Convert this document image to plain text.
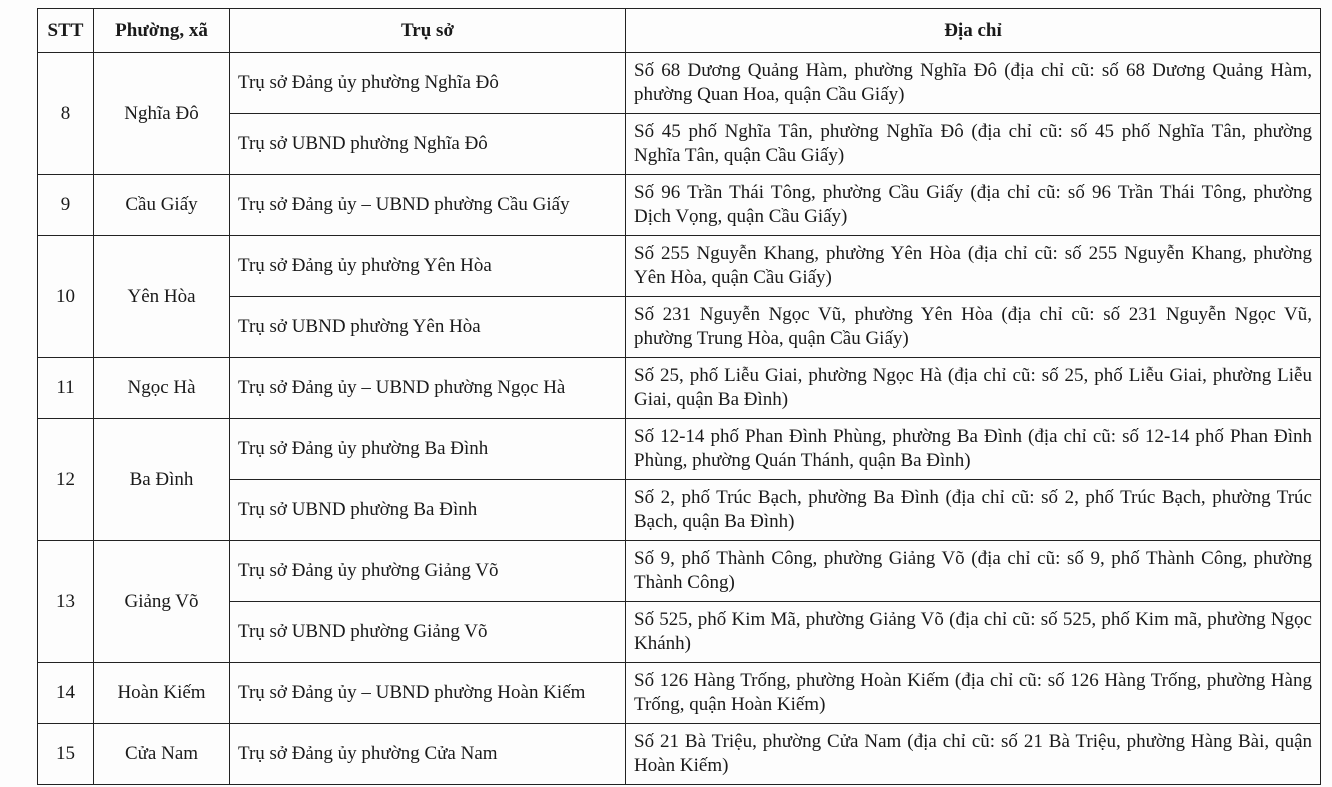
STT	Phường, xã	Trụ sở	Địa chỉ
8	Nghĩa Đô	Trụ sở Đảng ủy phường Nghĩa Đô	Số 68 Dương Quảng Hàm, phường Nghĩa Đô (địa chỉ cũ: số 68 Dương Quảng Hàm, phường Quan Hoa, quận Cầu Giấy)
		Trụ sở UBND phường Nghĩa Đô	Số 45 phố Nghĩa Tân, phường Nghĩa Đô (địa chỉ cũ: số 45 phố Nghĩa Tân, phường Nghĩa Tân, quận Cầu Giấy)
9	Cầu Giấy	Trụ sở Đảng ủy – UBND phường Cầu Giấy	Số 96 Trần Thái Tông, phường Cầu Giấy (địa chỉ cũ: số 96 Trần Thái Tông, phường Dịch Vọng, quận Cầu Giấy)
10	Yên Hòa	Trụ sở Đảng ủy phường Yên Hòa	Số 255 Nguyễn Khang, phường Yên Hòa (địa chỉ cũ: số 255 Nguyễn Khang, phường Yên Hòa, quận Cầu Giấy)
		Trụ sở UBND phường Yên Hòa	Số 231 Nguyễn Ngọc Vũ, phường Yên Hòa (địa chỉ cũ: số 231 Nguyễn Ngọc Vũ, phường Trung Hòa, quận Cầu Giấy)
11	Ngọc Hà	Trụ sở Đảng ủy – UBND phường Ngọc Hà	Số 25, phố Liễu Giai, phường Ngọc Hà (địa chỉ cũ: số 25, phố Liễu Giai, phường Liễu Giai, quận Ba Đình)
12	Ba Đình	Trụ sở Đảng ủy phường Ba Đình	Số 12-14 phố Phan Đình Phùng, phường Ba Đình (địa chỉ cũ: số 12-14 phố Phan Đình Phùng, phường Quán Thánh, quận Ba Đình)
		Trụ sở UBND phường Ba Đình	Số 2, phố Trúc Bạch, phường Ba Đình (địa chỉ cũ: số 2, phố Trúc Bạch, phường Trúc Bạch, quận Ba Đình)
13	Giảng Võ	Trụ sở Đảng ủy phường Giảng Võ	Số 9, phố Thành Công, phường Giảng Võ (địa chỉ cũ: số 9, phố Thành Công, phường Thành Công)
		Trụ sở UBND phường Giảng Võ	Số 525, phố Kim Mã, phường Giảng Võ (địa chỉ cũ: số 525, phố Kim mã, phường Ngọc Khánh)
14	Hoàn Kiếm	Trụ sở Đảng ủy – UBND phường Hoàn Kiếm	Số 126 Hàng Trống, phường Hoàn Kiếm (địa chỉ cũ: số 126 Hàng Trống, phường Hàng Trống, quận Hoàn Kiếm)
15	Cửa Nam	Trụ sở Đảng ủy phường Cửa Nam	Số 21 Bà Triệu, phường Cửa Nam (địa chỉ cũ: số 21 Bà Triệu, phường Hàng Bài, quận Hoàn Kiếm)
